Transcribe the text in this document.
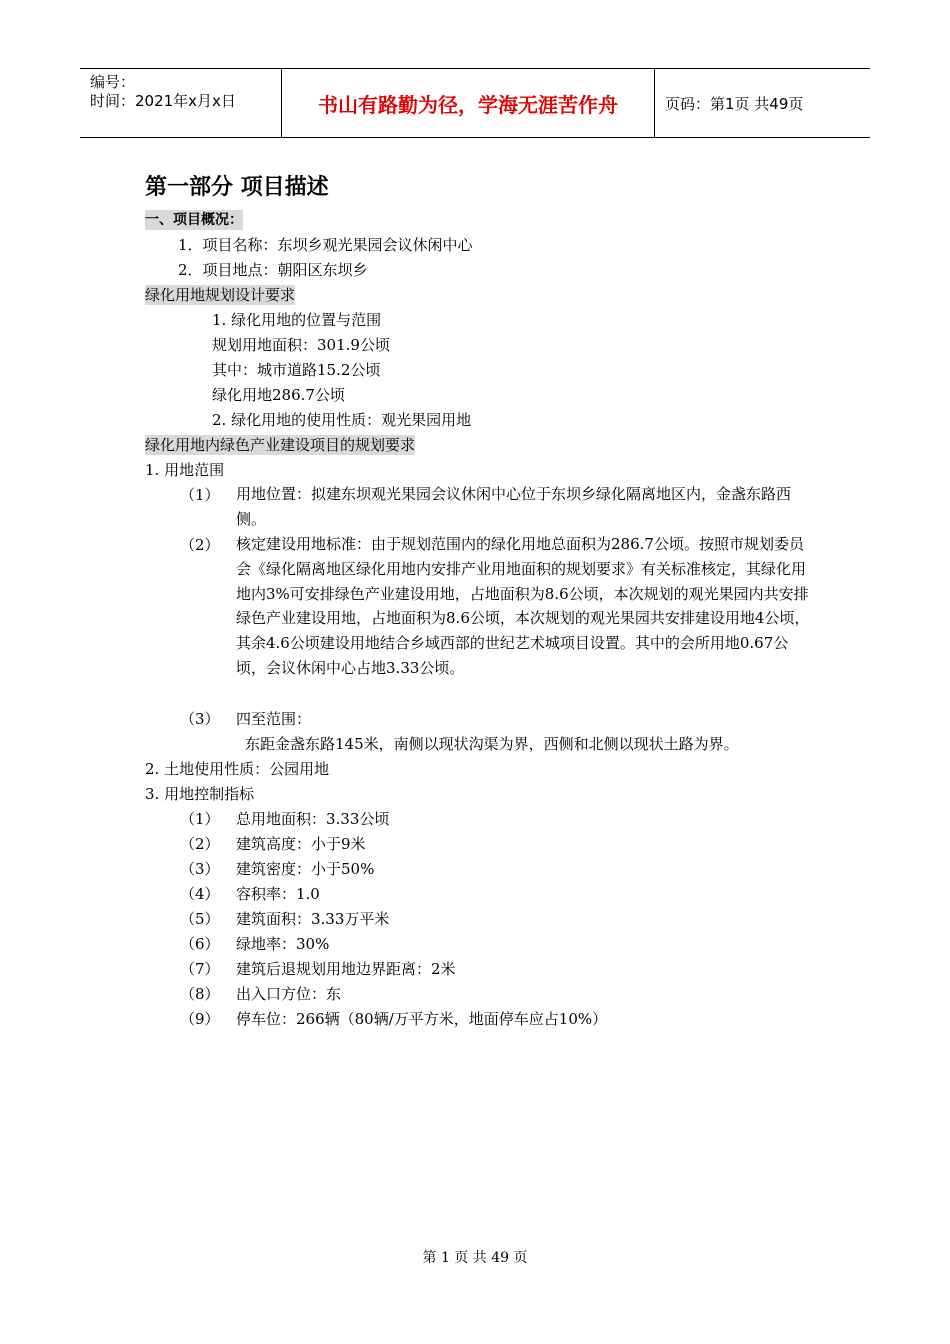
编号：
时间：2021年x月x日	书山有路勤为径，学海无涯苦作舟	页码：第1页 共49页
第一部分 项目描述
一、项目概况：
1．项目名称：东坝乡观光果园会议休闲中心
2．项目地点：朝阳区东坝乡
绿化用地规划设计要求
1. 绿化用地的位置与范围
规划用地面积：301.9公顷
其中：城市道路15.2公顷
绿化用地286.7公顷
2. 绿化用地的使用性质：观光果园用地
绿化用地内绿色产业建设项目的规划要求
1. 用地范围
（1） 用地位置：拟建东坝观光果园会议休闲中心位于东坝乡绿化隔离地区内，金盏东路西侧。
（2） 核定建设用地标准：由于规划范围内的绿化用地总面积为286.7公顷。按照市规划委员会《绿化隔离地区绿化用地内安排产业用地面积的规划要求》有关标准核定，其绿化用地内3%可安排绿色产业建设用地，占地面积为8.6公顷，本次规划的观光果园内共安排绿色产业建设用地，占地面积为8.6公顷，本次规划的观光果园共安排建设用地4公顷，其余4.6公顷建设用地结合乡域西部的世纪艺术城项目设置。其中的会所用地0.67公顷，会议休闲中心占地3.33公顷。
（3） 四至范围：
东距金盏东路145米，南侧以现状沟渠为界，西侧和北侧以现状土路为界。
2. 土地使用性质：公园用地
3. 用地控制指标
（1） 总用地面积：3.33公顷
（2） 建筑高度：小于9米
（3） 建筑密度：小于50%
（4） 容积率：1.0
（5） 建筑面积：3.33万平米
（6） 绿地率：30%
（7） 建筑后退规划用地边界距离：2米
（8） 出入口方位：东
（9） 停车位：266辆（80辆/万平方米，地面停车应占10%）
第 1 页 共 49 页
